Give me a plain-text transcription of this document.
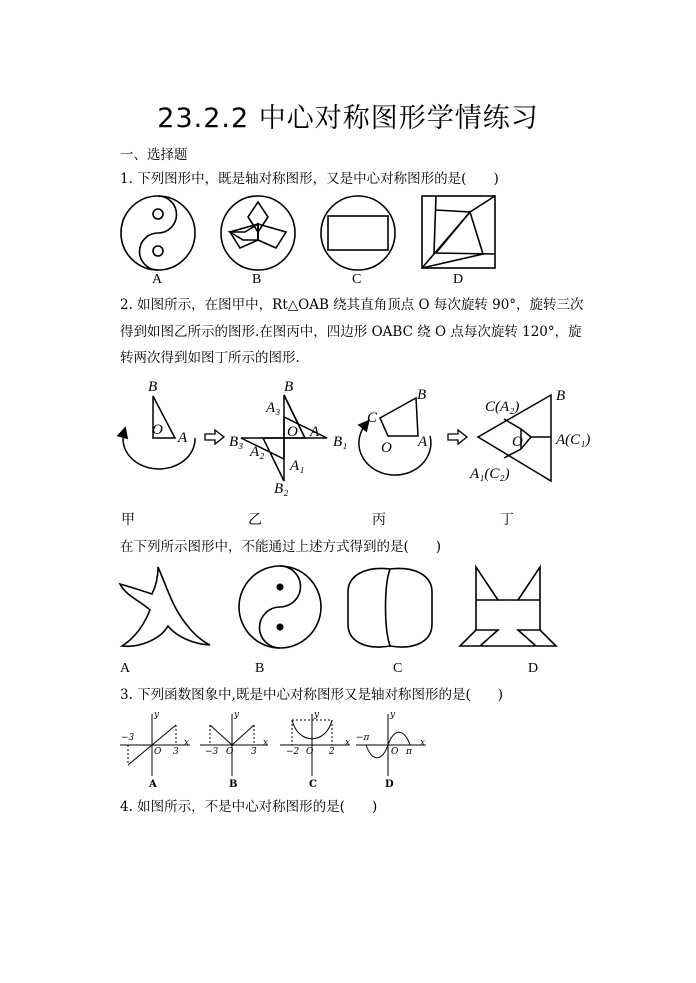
23.2.2 中心对称图形学情练习
一、选择题
1. 下列图形中，既是轴对称图形，又是中心对称图形的是(　　)
A	B	C	D
2. 如图所示，在图甲中，Rt△OAB 绕其直角顶点 O 每次旋转 90°，旋转三次
得到如图乙所示的图形.在图丙中，四边形 OABC 绕 O 点每次旋转 120°，旋
转两次得到如图丁所示的图形.
B
O A
B
A₃
O A
B₃	B₁
A₂
A₁
B₂
B
C
O A
C(A₂)
B
O A(C₁)
A₁(C₂)
甲	乙	丙	丁
在下列所示图形中，不能通过上述方式得到的是(　　)
A	B	C	D
3. 下列函数图象中,既是中心对称图形又是轴对称图形的是(　　)
−3
3
O
y
x
−3	3
O
y
x
−2	2
O
y
x −π
π
O
y
x
A	B	C	D
4. 如图所示，不是中心对称图形的是(　　)
